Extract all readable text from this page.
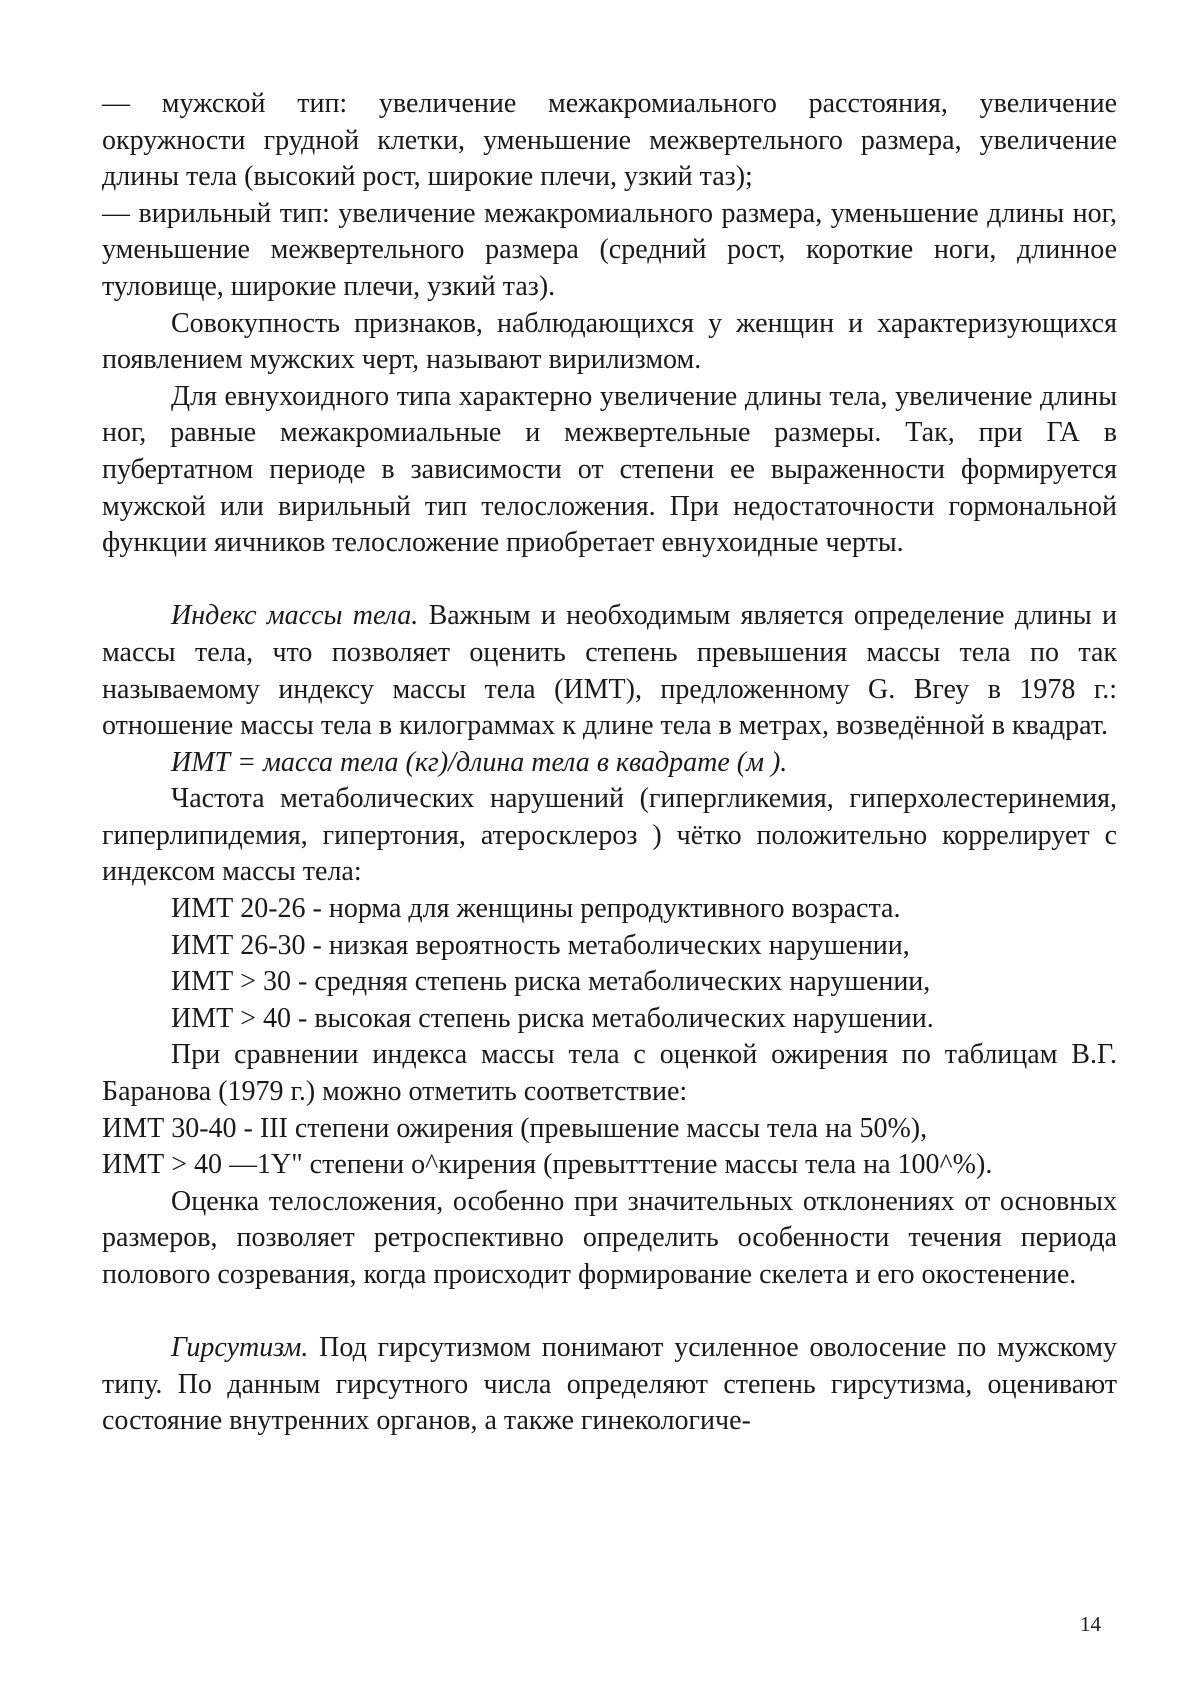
— мужской тип: увеличение межакромиального расстояния, увеличение окружности грудной клетки, уменьшение межвертельного размера, увеличение длины тела (высокий рост, широкие плечи, узкий таз);

— вирильный тип: увеличение межакромиального размера, уменьшение длины ног, уменьшение межвертельного размера (средний рост, короткие ноги, длинное туловище, широкие плечи, узкий таз).

Совокупность признаков, наблюдающихся у женщин и характеризующихся появлением мужских черт, называют вирилизмом.

Для евнухоидного типа характерно увеличение длины тела, увеличение длины ног, равные межакромиальные и межвертельные размеры. Так, при ГА в пубертатном периоде в зависимости от степени ее выраженности формируется мужской или вирильный тип телосложения. При недостаточности гормональной функции яичников телосложение приобретает евнухоидные черты.

Индекс массы тела. Важным и необходимым является определение длины и массы тела, что позволяет оценить степень превышения массы тела по так называемому индексу массы тела (ИМТ), предложенному G. Вгеу в 1978 г.: отношение массы тела в килограммах к длине тела в метрах, возведённой в квадрат.

ИМТ = масса тела (кг)/длина тела в квадрате (м ).

Частота метаболических нарушений (гипергликемия, гиперхолестеринемия, гиперлипидемия, гипертония, атеросклероз ) чётко положительно коррелирует с индексом массы тела:

ИМТ 20-26 - норма для женщины репродуктивного возраста.

ИМТ 26-30 - низкая вероятность метаболических нарушении,

ИМТ > 30 - средняя степень риска метаболических нарушении,

ИМТ > 40 - высокая степень риска метаболических нарушении.

При сравнении индекса массы тела с оценкой ожирения по таблицам В.Г. Баранова (1979 г.) можно отметить соответствие:

ИМТ 30-40 - III степени ожирения (превышение массы тела на 50%),

ИМТ > 40 —1Y" степени о^кирения (превытттение массы тела на 100^%).

Оценка телосложения, особенно при значительных отклонениях от основных размеров, позволяет ретроспективно определить особенности течения периода полового созревания, когда происходит формирование скелета и его окостенение.

Гирсутизм. Под гирсутизмом понимают усиленное оволосение по мужскому типу. По данным гирсутного числа определяют степень гирсутизма, оценивают состояние внутренних органов, а также гинекологиче-

14
